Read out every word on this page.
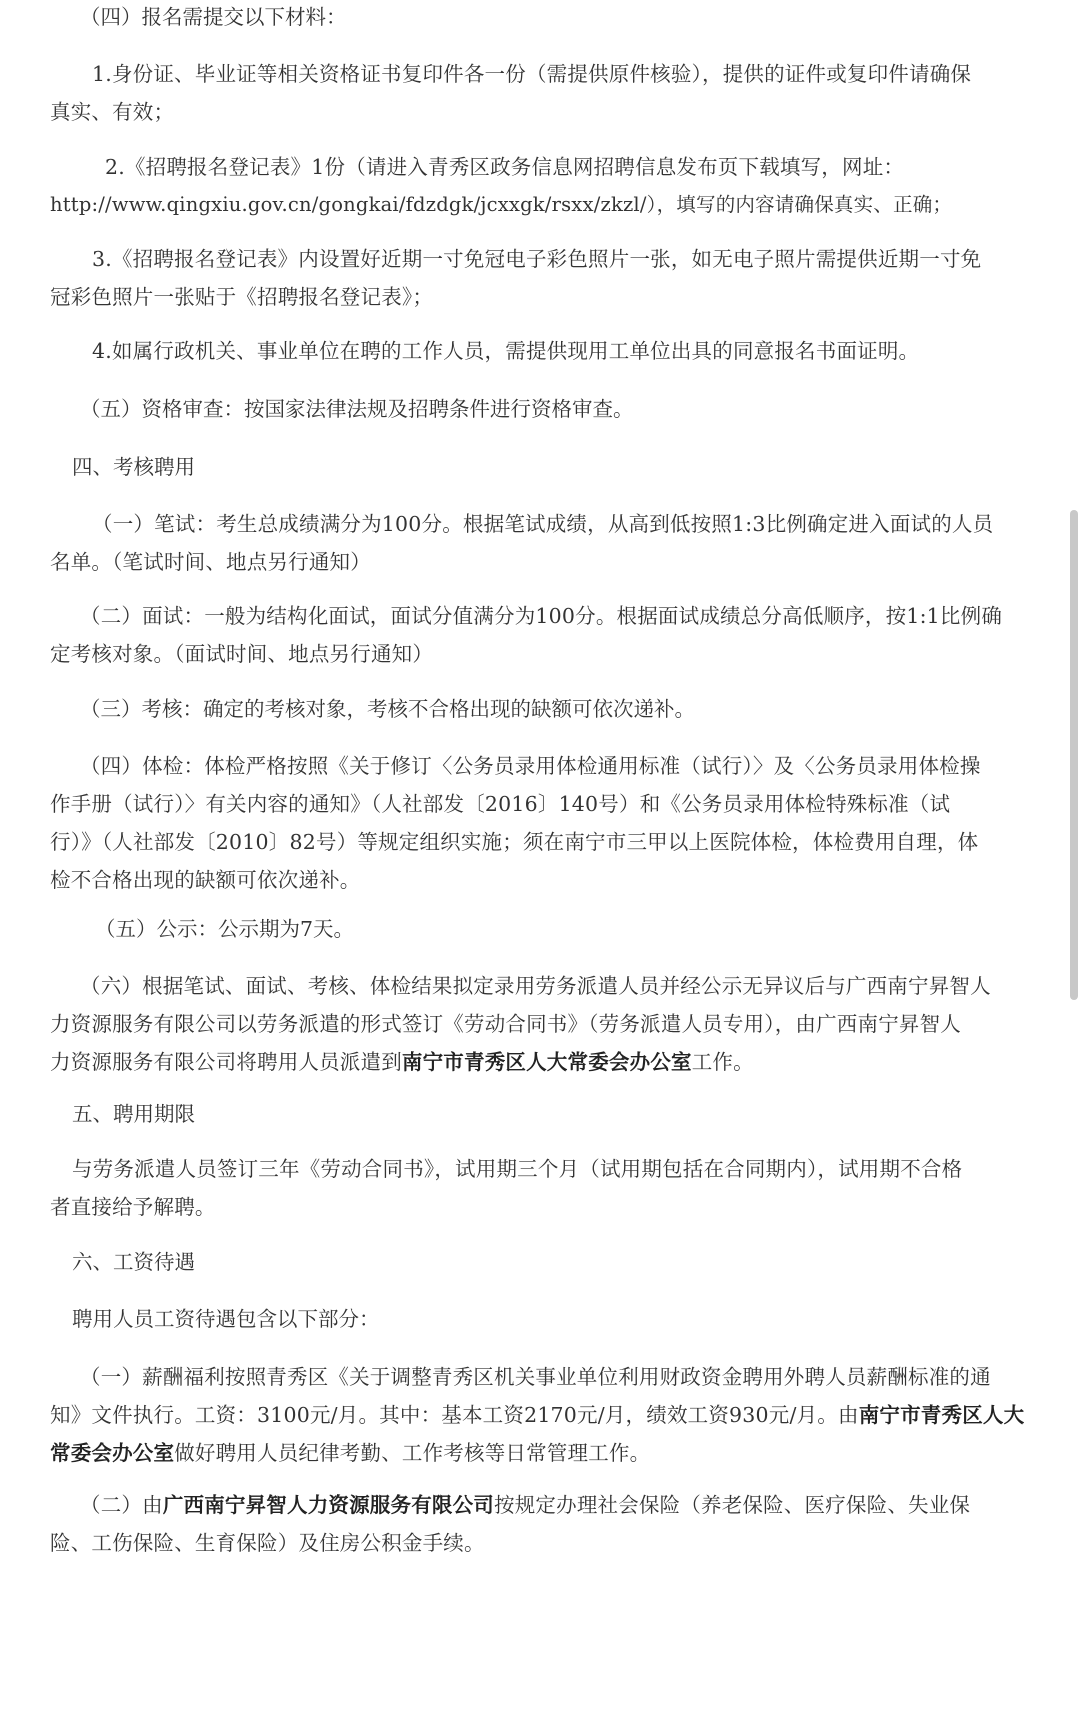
（四）报名需提交以下材料：

1.身份证、毕业证等相关资格证书复印件各一份（需提供原件核验），提供的证件或复印件请确保
真实、有效；

2.《招聘报名登记表》1份（请进入青秀区政务信息网招聘信息发布页下载填写，网址：
http://www.qingxiu.gov.cn/gongkai/fdzdgk/jcxxgk/rsxx/zkzl/），填写的内容请确保真实、正确；

3.《招聘报名登记表》内设置好近期一寸免冠电子彩色照片一张，如无电子照片需提供近期一寸免
冠彩色照片一张贴于《招聘报名登记表》；

4.如属行政机关、事业单位在聘的工作人员，需提供现用工单位出具的同意报名书面证明。

（五）资格审查：按国家法律法规及招聘条件进行资格审查。

四、考核聘用

（一）笔试：考生总成绩满分为100分。根据笔试成绩，从高到低按照1:3比例确定进入面试的人员
名单。（笔试时间、地点另行通知）

（二）面试：一般为结构化面试，面试分值满分为100分。根据面试成绩总分高低顺序，按1:1比例确
定考核对象。（面试时间、地点另行通知）

（三）考核：确定的考核对象，考核不合格出现的缺额可依次递补。

（四）体检：体检严格按照《关于修订〈公务员录用体检通用标准（试行）〉及〈公务员录用体检操
作手册（试行）〉有关内容的通知》（人社部发〔2016〕140号）和《公务员录用体检特殊标准（试
行）》（人社部发〔2010〕82号）等规定组织实施；须在南宁市三甲以上医院体检，体检费用自理，体
检不合格出现的缺额可依次递补。

（五）公示：公示期为7天。

（六）根据笔试、面试、考核、体检结果拟定录用劳务派遣人员并经公示无异议后与广西南宁昇智人
力资源服务有限公司以劳务派遣的形式签订《劳动合同书》（劳务派遣人员专用），由广西南宁昇智人
力资源服务有限公司将聘用人员派遣到南宁市青秀区人大常委会办公室工作。

五、聘用期限

与劳务派遣人员签订三年《劳动合同书》，试用期三个月（试用期包括在合同期内），试用期不合格
者直接给予解聘。

六、工资待遇

聘用人员工资待遇包含以下部分：

（一）薪酬福利按照青秀区《关于调整青秀区机关事业单位利用财政资金聘用外聘人员薪酬标准的通
知》文件执行。工资：3100元/月。其中：基本工资2170元/月，绩效工资930元/月。由南宁市青秀区人大
常委会办公室做好聘用人员纪律考勤、工作考核等日常管理工作。

（二）由广西南宁昇智人力资源服务有限公司按规定办理社会保险（养老保险、医疗保险、失业保
险、工伤保险、生育保险）及住房公积金手续。
